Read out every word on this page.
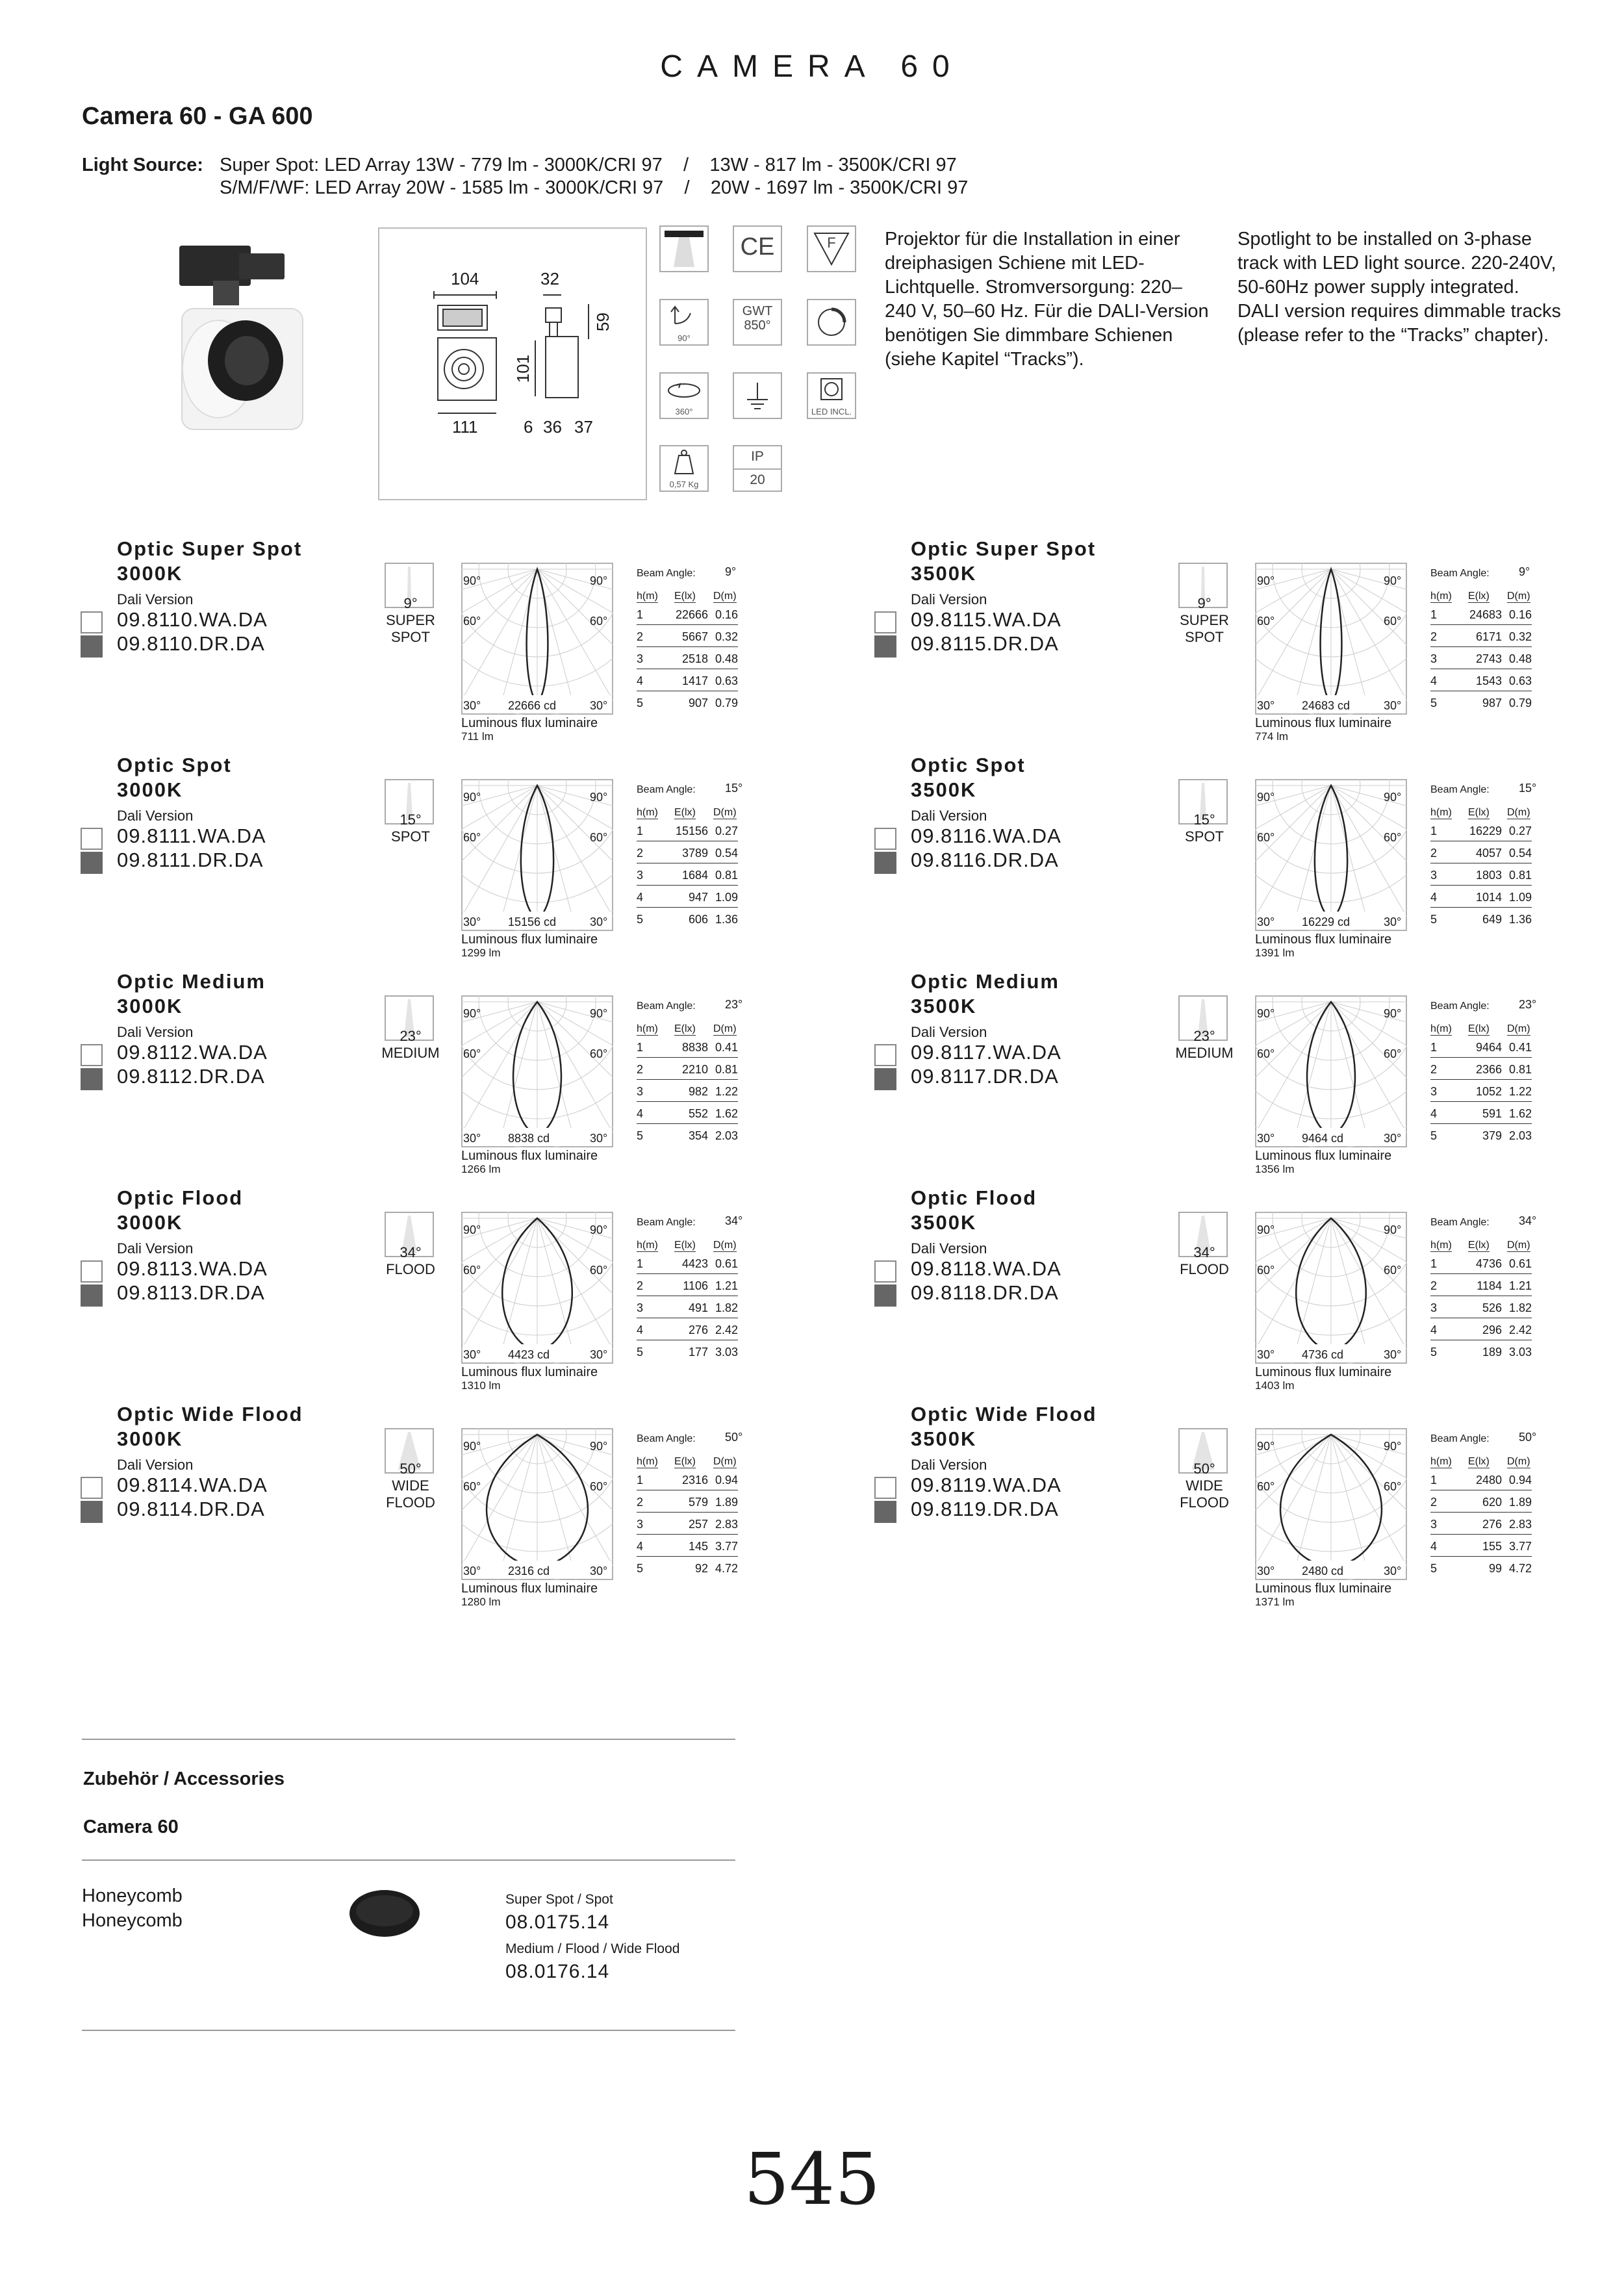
CAMERA 60
Camera 60 - GA 600
Light Source: Super Spot: LED Array 13W - 779 lm - 3000K/CRI 97    /    13W - 817 lm - 3500K/CRI 97
S/M/F/WF: LED Array 20W - 1585 lm - 3000K/CRI 97    /    20W - 1697 lm - 3500K/CRI 97
104	32
59
101
111	6 36 37
CE	F
90°
GWT
850°
360°	LED INCL.
0,57 Kg
IP
20
Projektor für die Installation in einer dreiphasigen Schiene mit LED-Lichtquelle. Stromversorgung: 220–240 V, 50–60 Hz. Für die DALI-Version benötigen Sie dimmbare Schienen (siehe Kapitel “Tracks”).
Spotlight to be installed on 3-phase track with LED light source. 220-240V, 50-60Hz power supply integrated. DALI version requires dimmable tracks (please refer to the “Tracks” chapter).
Optic Super Spot
3000K
Dali Version
09.8110.WA.DA
09.8110.DR.DA
9°
SUPER
SPOT
90°	90°
60°	60°
30°	30°
22666 cd
Luminous flux luminaire
711 lm
Beam Angle:	9°
h(m) E(lx) D(m)
1	22666 0.16
2	5667 0.32
3	2518 0.48
4	1417 0.63
5	907 0.79
Optic Super Spot
3500K
Dali Version
09.8115.WA.DA
09.8115.DR.DA
9°
SUPER
SPOT
90°	90°
60°	60°
30°	30°
24683 cd
Luminous flux luminaire
774 lm
Beam Angle:	9°
h(m) E(lx) D(m)
1	24683 0.16
2	6171 0.32
3	2743 0.48
4	1543 0.63
5	987 0.79
Optic Spot
3000K
Dali Version
09.8111.WA.DA
09.8111.DR.DA
15°
SPOT
90°	90°
60°	60°
30°	30°
15156 cd
Luminous flux luminaire
1299 lm
Beam Angle:	15°
h(m) E(lx) D(m)
1	15156 0.27
2	3789 0.54
3	1684 0.81
4	947 1.09
5	606 1.36
Optic Spot
3500K
Dali Version
09.8116.WA.DA
09.8116.DR.DA
15°
SPOT
90°	90°
60°	60°
30°	30°
16229 cd
Luminous flux luminaire
1391 lm
Beam Angle:	15°
h(m) E(lx) D(m)
1	16229 0.27
2	4057 0.54
3	1803 0.81
4	1014 1.09
5	649 1.36
Optic Medium
3000K
Dali Version
09.8112.WA.DA
09.8112.DR.DA
23°
MEDIUM
90°	90°
60°	60°
30°	30°
8838 cd
Luminous flux luminaire
1266 lm
Beam Angle:	23°
h(m) E(lx) D(m)
1	8838 0.41
2	2210 0.81
3	982 1.22
4	552 1.62
5	354 2.03
Optic Medium
3500K
Dali Version
09.8117.WA.DA
09.8117.DR.DA
23°
MEDIUM
90°	90°
60°	60°
30°	30°
9464 cd
Luminous flux luminaire
1356 lm
Beam Angle:	23°
h(m) E(lx) D(m)
1	9464 0.41
2	2366 0.81
3	1052 1.22
4	591 1.62
5	379 2.03
Optic Flood
3000K
Dali Version
09.8113.WA.DA
09.8113.DR.DA
34°
FLOOD
90°	90°
60°	60°
30°	30°
4423 cd
Luminous flux luminaire
1310 lm
Beam Angle:	34°
h(m) E(lx) D(m)
1	4423 0.61
2	1106 1.21
3	491 1.82
4	276 2.42
5	177 3.03
Optic Flood
3500K
Dali Version
09.8118.WA.DA
09.8118.DR.DA
34°
FLOOD
90°	90°
60°	60°
30°	30°
4736 cd
Luminous flux luminaire
1403 lm
Beam Angle:	34°
h(m) E(lx) D(m)
1	4736 0.61
2	1184 1.21
3	526 1.82
4	296 2.42
5	189 3.03
Optic Wide Flood
3000K
Dali Version
09.8114.WA.DA
09.8114.DR.DA
50°
WIDE
FLOOD
90°	90°
60°	60°
30°	30°
2316 cd
Luminous flux luminaire
1280 lm
Beam Angle:	50°
h(m) E(lx) D(m)
1	2316 0.94
2	579 1.89
3	257 2.83
4	145 3.77
5	92 4.72
Optic Wide Flood
3500K
Dali Version
09.8119.WA.DA
09.8119.DR.DA
50°
WIDE
FLOOD
90°	90°
60°	60°
30°	30°
2480 cd
Luminous flux luminaire
1371 lm
Beam Angle:	50°
h(m) E(lx) D(m)
1	2480 0.94
2	620 1.89
3	276 2.83
4	155 3.77
5	99 4.72
Zubehör / Accessories
Camera 60
Honeycomb
Honeycomb
Super Spot / Spot
08.0175.14
Medium / Flood / Wide Flood
08.0176.14
545
